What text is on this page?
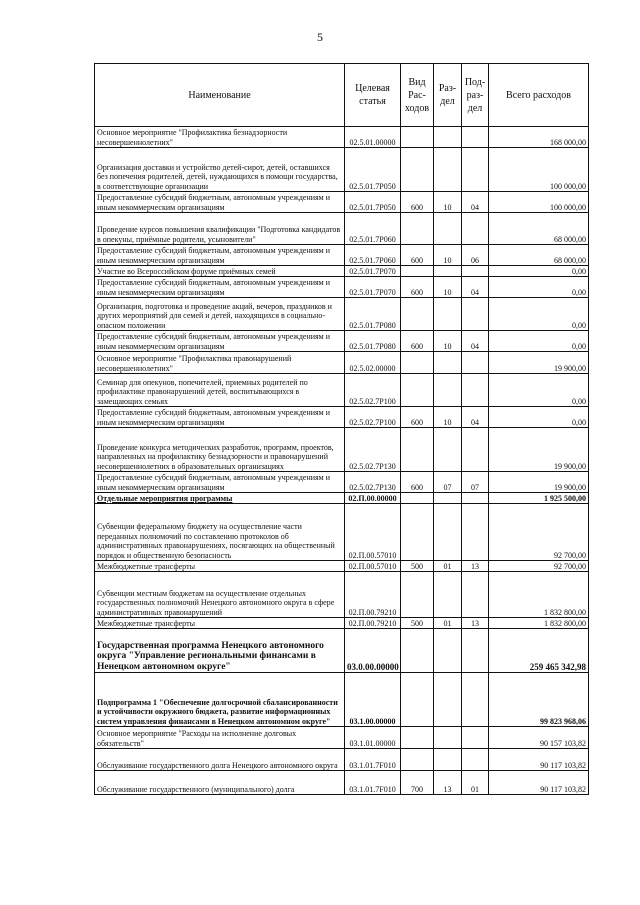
5
Наименование	Целевая статья	Вид Рас-ходов	Раз-дел	Под-раз-дел	Всего расходов
Основное мероприятие "Профилактика безнадзорности несовершеннолетних"	02.5.01.00000				168 000,00
Организация доставки и устройство детей-сирот, детей, оставшихся без попечения родителей, детей, нуждающихся в помощи государства, в соответствующие организации	02.5.01.7Р050				100 000,00
Предоставление субсидий бюджетным, автономным учреждениям и иным некоммерческим организациям	02.5.01.7Р050	600	10	04	100 000,00
Проведение курсов повышения квалификации "Подготовка кандидатов в опекуны, приёмные родители, усыновители"	02.5.01.7Р060				68 000,00
Предоставление субсидий бюджетным, автономным учреждениям и иным некоммерческим организациям	02.5.01.7Р060	600	10	06	68 000,00
Участие во Всероссийском форуме приёмных семей	02.5.01.7Р070				0,00
Предоставление субсидий бюджетным, автономным учреждениям и иным некоммерческим организациям	02.5.01.7Р070	600	10	04	0,00
Организация, подготовка и проведение акций, вечеров, праздников и других мероприятий для семей и детей, находящихся в социально-опасном положении	02.5.01.7Р080				0,00
Предоставление субсидий бюджетным, автономным учреждениям и иным некоммерческим организациям	02.5.01.7Р080	600	10	04	0,00
Основное мероприятие "Профилактика правонарушений несовершеннолетних"	02.5.02.00000				19 900,00
Семинар для опекунов, попечителей, приемных родителей по профилактике правонарушений детей, воспитывающихся в замещающих семьях	02.5.02.7Р100				0,00
Предоставление субсидий бюджетным, автономным учреждениям и иным некоммерческим организациям	02.5.02.7Р100	600	10	04	0,00
Проведение конкурса методических разработок, программ, проектов, направленных на профилактику безнадзорности и правонарушений несовершеннолетних в образовательных организациях	02.5.02.7Р130				19 900,00
Предоставление субсидий бюджетным, автономным учреждениям и иным некоммерческим организациям	02.5.02.7Р130	600	07	07	19 900,00
Отдельные мероприятия программы	02.П.00.00000				1 925 500,00
Субвенции федеральному бюджету на осуществление части переданных полномочий по составлению протоколов об административных правонарушениях, посягающих на общественный порядок и общественную безопасность	02.П.00.57010				92 700,00
Межбюджетные трансферты	02.П.00.57010	500	01	13	92 700,00
Субвенции местным бюджетам на осуществление отдельных государственных полномочий Ненецкого автономного округа в сфере административных правонарушений	02.П.00.79210				1 832 800,00
Межбюджетные трансферты	02.П.00.79210	500	01	13	1 832 800,00
Государственная программа Ненецкого автономного округа "Управление региональными финансами в Ненецком автономном округе"	03.0.00.00000				259 465 342,98
Подпрограмма 1 "Обеспечение долгосрочной сбалансированности и устойчивости окружного бюджета, развитие информационных систем управления финансами в Ненецком автономном округе"	03.1.00.00000				99 823 968,06
Основное мероприятие "Расходы на исполнение долговых обязательств"	03.1.01.00000				90 157 103,82
Обслуживание государственного долга Ненецкого автономного округа	03.1.01.7F010				90 117 103,82
Обслуживание государственного (муниципального) долга	03.1.01.7F010	700	13	01	90 117 103,82
